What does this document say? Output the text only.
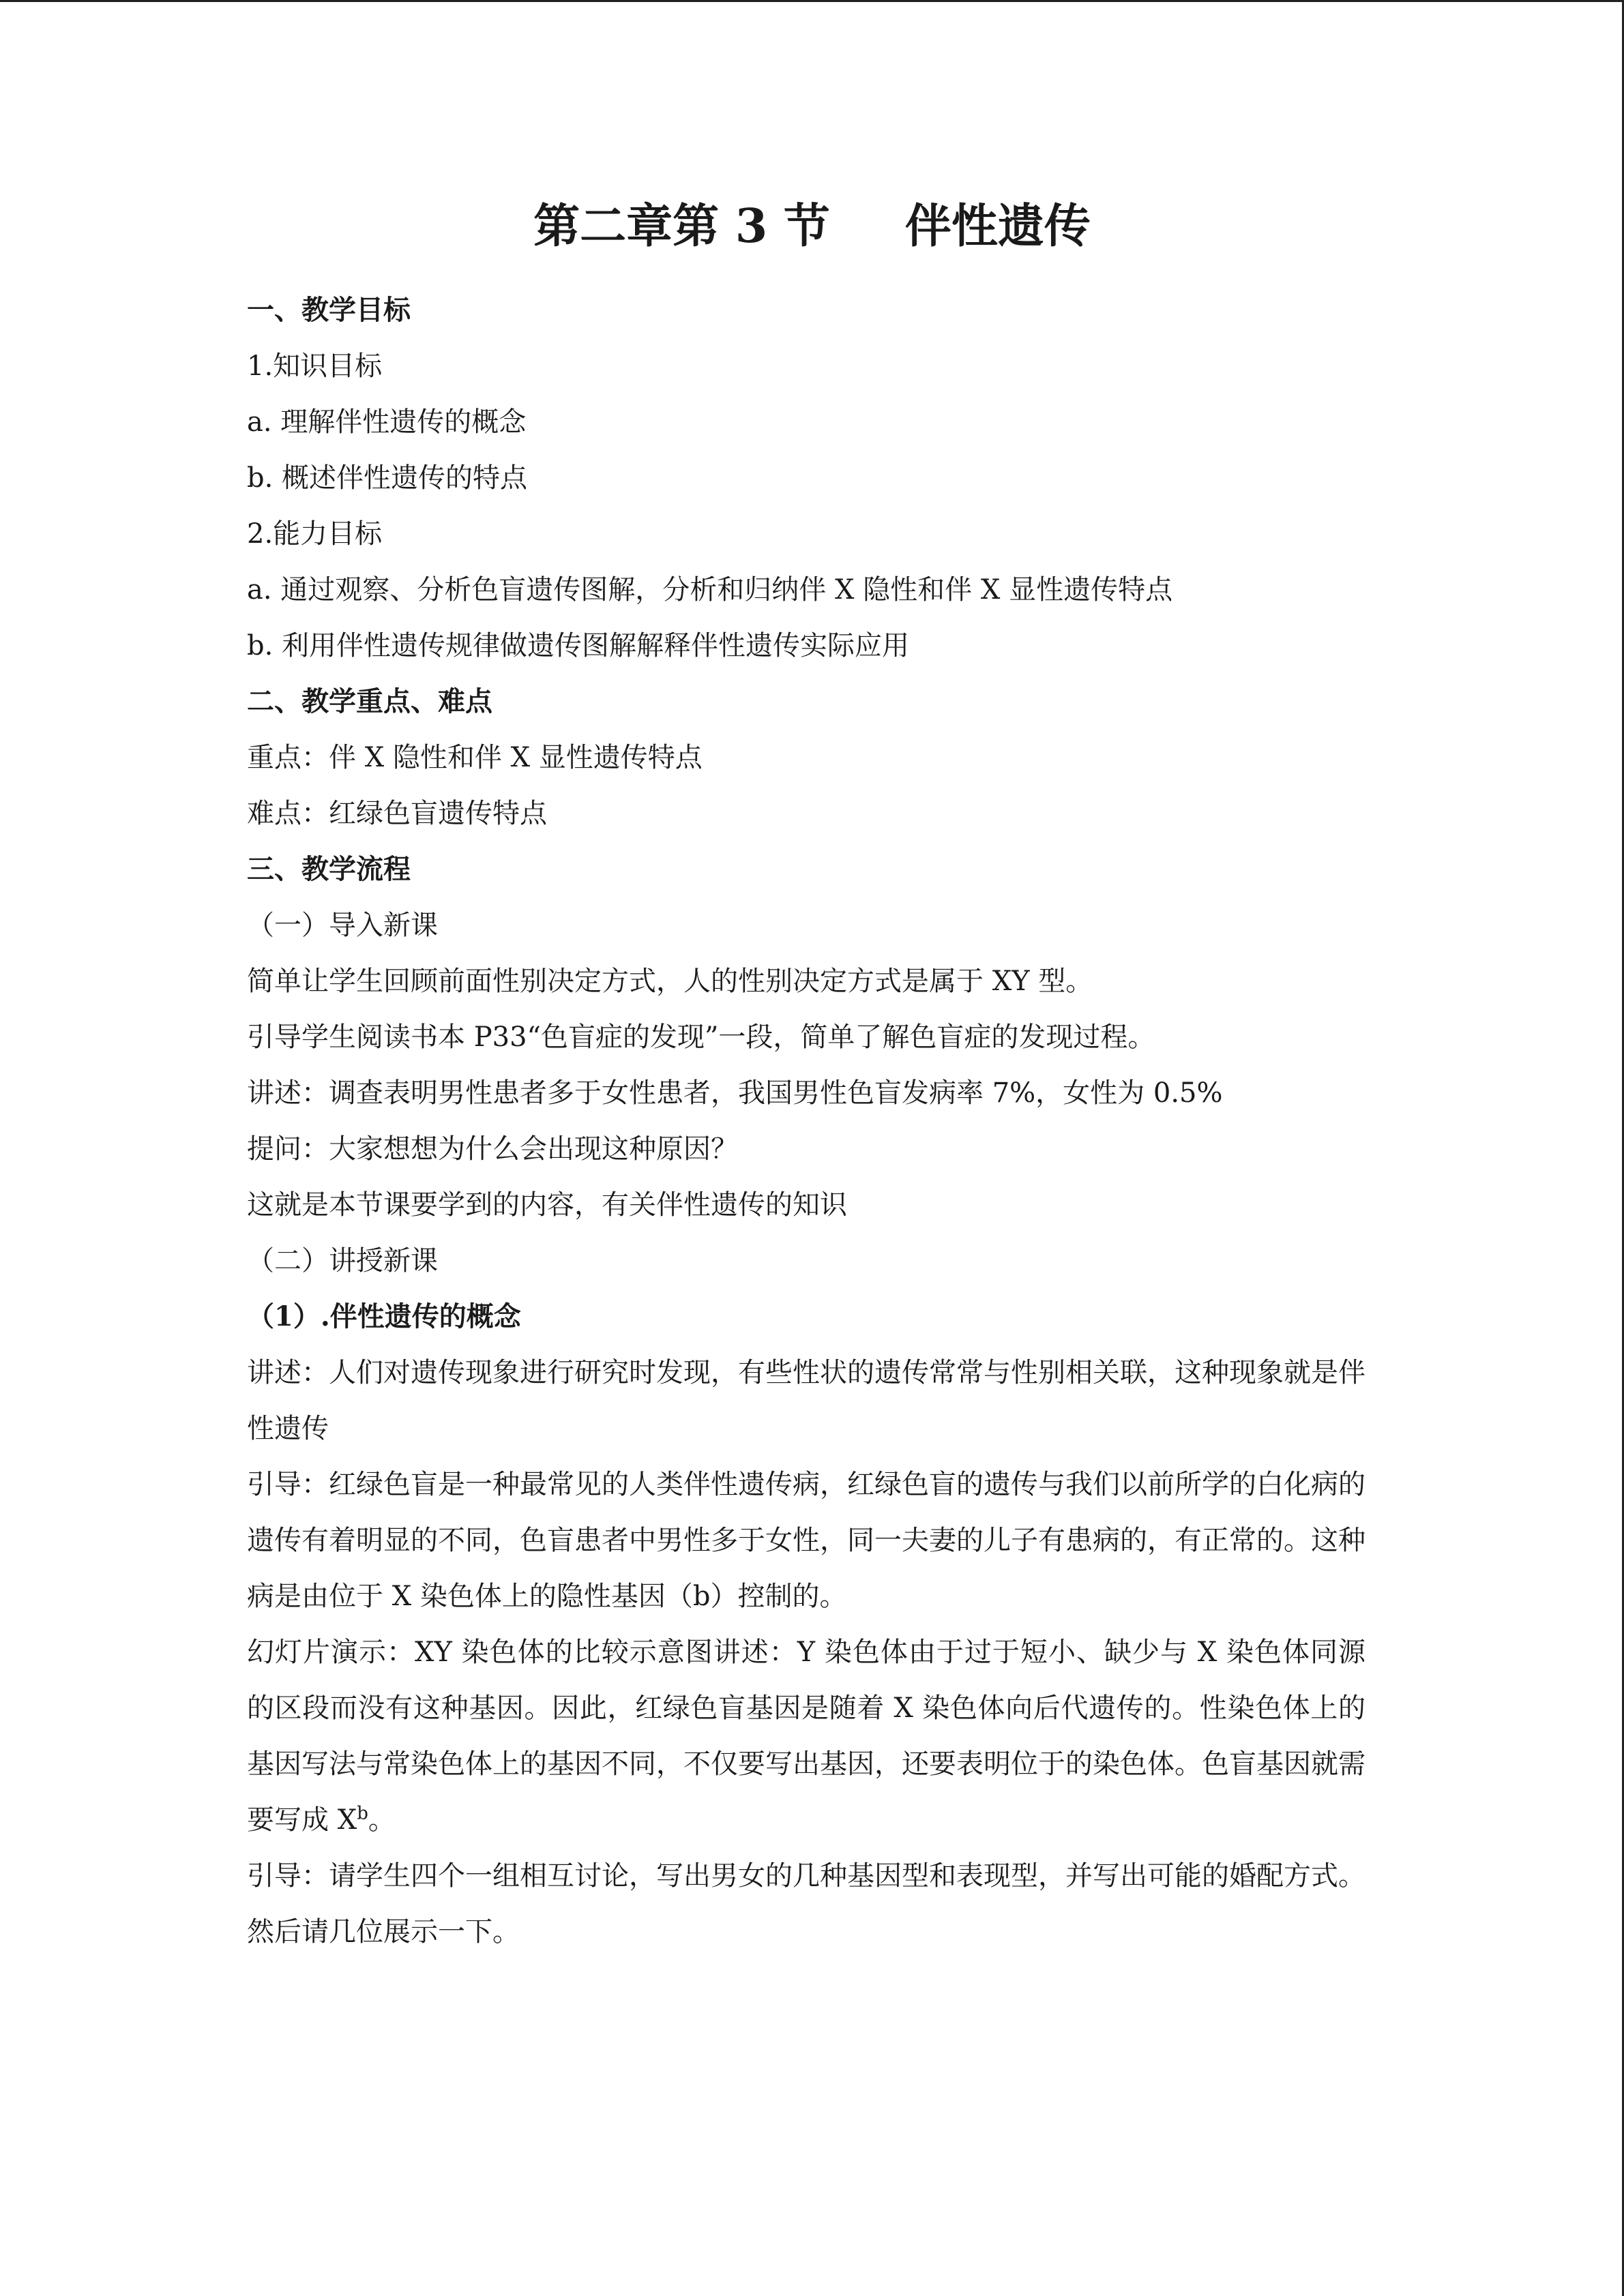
第二章第 3 节 伴性遗传
一、教学目标
1.知识目标
a. 理解伴性遗传的概念
b. 概述伴性遗传的特点
2.能力目标
a. 通过观察、分析色盲遗传图解，分析和归纳伴 X 隐性和伴 X 显性遗传特点
b. 利用伴性遗传规律做遗传图解解释伴性遗传实际应用
二、教学重点、难点
重点：伴 X 隐性和伴 X 显性遗传特点
难点：红绿色盲遗传特点
三、教学流程
（一）导入新课
简单让学生回顾前面性别决定方式，人的性别决定方式是属于 XY 型。
引导学生阅读书本 P33“色盲症的发现”一段，简单了解色盲症的发现过程。
讲述：调查表明男性患者多于女性患者，我国男性色盲发病率 7%，女性为 0.5%
提问：大家想想为什么会出现这种原因？
这就是本节课要学到的内容，有关伴性遗传的知识
（二）讲授新课
（1）.伴性遗传的概念
讲述：人们对遗传现象进行研究时发现，有些性状的遗传常常与性别相关联，这种现象就是伴性遗传
引导：红绿色盲是一种最常见的人类伴性遗传病，红绿色盲的遗传与我们以前所学的白化病的遗传有着明显的不同，色盲患者中男性多于女性，同一夫妻的儿子有患病的，有正常的。这种病是由位于 X 染色体上的隐性基因（b）控制的。
幻灯片演示：XY 染色体的比较示意图讲述：Y 染色体由于过于短小、缺少与 X 染色体同源的区段而没有这种基因。因此，红绿色盲基因是随着 X 染色体向后代遗传的。性染色体上的基因写法与常染色体上的基因不同，不仅要写出基因，还要表明位于的染色体。色盲基因就需要写成 $X^b$。
引导：请学生四个一组相互讨论，写出男女的几种基因型和表现型，并写出可能的婚配方式。然后请几位展示一下。
